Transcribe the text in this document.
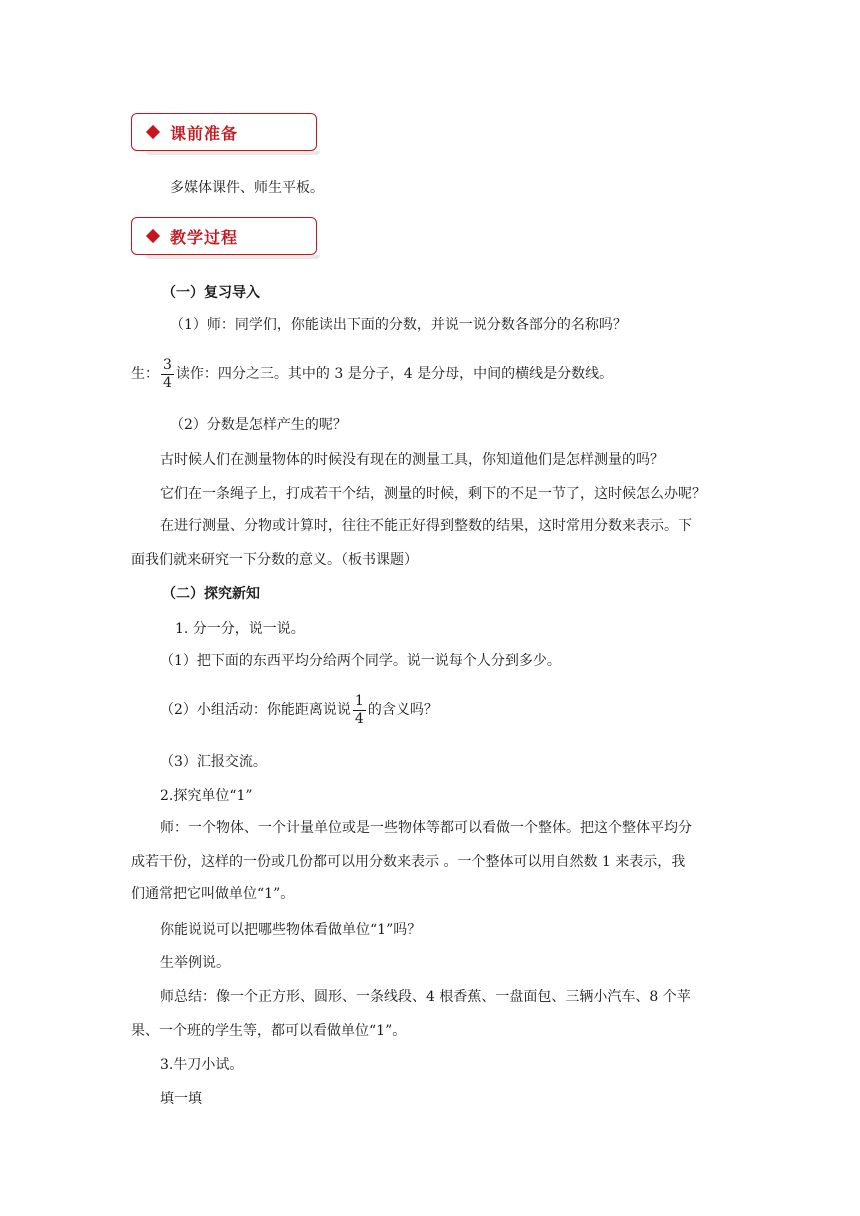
课前准备
多媒体课件、师生平板。
教学过程
（一）复习导入
（1）师：同学们，你能读出下面的分数，并说一说分数各部分的名称吗？
生： $\frac{3}{4}$ 读作：四分之三。其中的 3 是分子，4 是分母，中间的横线是分数线。
（2）分数是怎样产生的呢？
古时候人们在测量物体的时候没有现在的测量工具，你知道他们是怎样测量的吗？
它们在一条绳子上，打成若干个结，测量的时候，剩下的不足一节了，这时候怎么办呢？
在进行测量、分物或计算时，往往不能正好得到整数的结果，这时常用分数来表示。下
面我们就来研究一下分数的意义。（板书课题）
（二）探究新知
1. 分一分，说一说。
（1）把下面的东西平均分给两个同学。说一说每个人分到多少。
（2）小组活动：你能距离说说 $\frac{1}{4}$ 的含义吗？
（3）汇报交流。
2.探究单位“1”
师：一个物体、一个计量单位或是一些物体等都可以看做一个整体。把这个整体平均分
成若干份，这样的一份或几份都可以用分数来表示 。一个整体可以用自然数 1 来表示，我
们通常把它叫做单位“1”。
你能说说可以把哪些物体看做单位“1”吗？
生举例说。
师总结：像一个正方形、圆形、一条线段、4 根香蕉、一盘面包、三辆小汽车、8 个苹
果、一个班的学生等，都可以看做单位“1”。
3.牛刀小试。
填一填
